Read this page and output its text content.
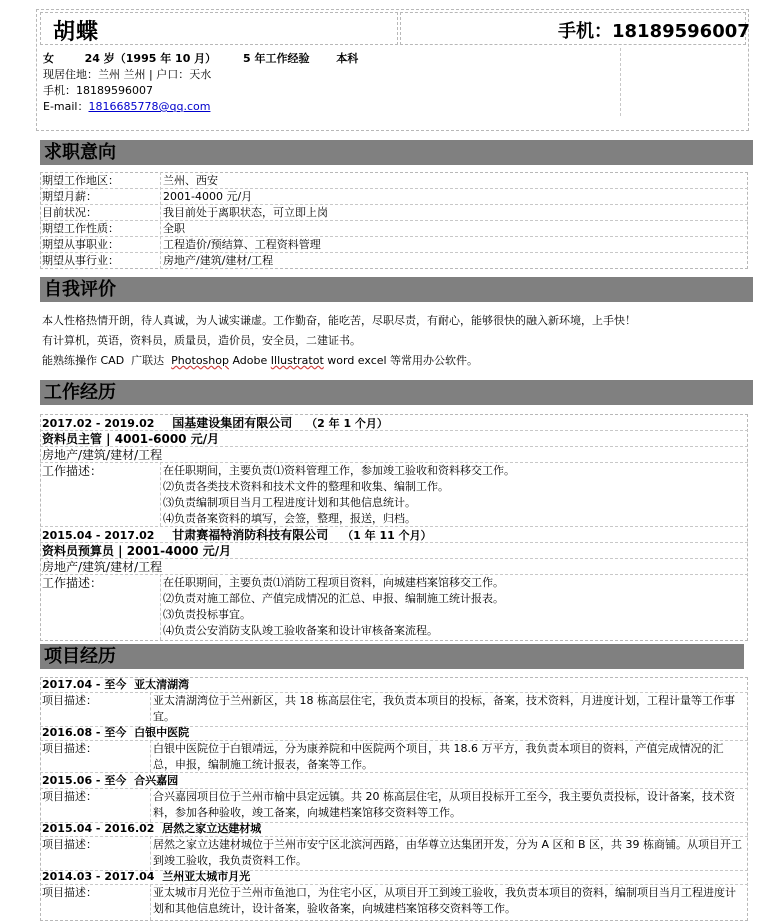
胡蝶	手机：18189596007
女        24 岁（1995 年 10 月）       5 年工作经验       本科
现居住地：兰州 兰州 | 户口：天水
手机：18189596007
E-mail：1816685778@qq.com
求职意向
期望工作地区：	兰州、西安
期望月薪：	2001-4000 元/月
目前状况：	我目前处于离职状态，可立即上岗
期望工作性质：	全职
期望从事职业：	工程造价/预结算、工程资料管理
期望从事行业：	房地产/建筑/建材/工程
自我评价
本人性格热情开朗，待人真诚，为人诚实谦虚。工作勤奋，能吃苦，尽职尽责，有耐心，能够很快的融入新环境，上手快！
有计算机，英语，资料员，质量员，造价员，安全员，二建证书。
能熟练操作 CAD  广联达  Photoshop Adobe Illustratot word excel 等常用办公软件。
工作经历
2017.02 - 2019.02 国基建设集团有限公司 （2 年 1 个月）
资料员主管 | 4001-6000 元/月
房地产/建筑/建材/工程
工作描述：	在任职期间，主要负责⑴资料管理工作，参加竣工验收和资料移交工作。
⑵负责各类技术资料和技术文件的整理和收集、编制工作。
⑶负责编制项目当月工程进度计划和其他信息统计。
⑷负责备案资料的填写，会签，整理，报送，归档。
2015.04 - 2017.02 甘肃赛福特消防科技有限公司 （1 年 11 个月）
资料员预算员 | 2001-4000 元/月
房地产/建筑/建材/工程
工作描述：	在任职期间，主要负责⑴消防工程项目资料，向城建档案馆移交工作。
⑵负责对施工部位、产值完成情况的汇总、申报、编制施工统计报表。
⑶负责投标事宜。
⑷负责公安消防支队竣工验收备案和设计审核备案流程。
项目经历
2017.04 - 至今 亚太清湖湾
项目描述：	亚太清湖湾位于兰州新区，共 18 栋高层住宅，我负责本项目的投标，备案，技术资料，月进度计划，工程计量等工作事宜。
2016.08 - 至今 白银中医院
项目描述：	白银中医院位于白银靖远，分为康养院和中医院两个项目，共 18.6 万平方，我负责本项目的资料，产值完成情况的汇总，申报，编制施工统计报表，备案等工作。
2015.06 - 至今 合兴嘉园
项目描述：	合兴嘉园项目位于兰州市榆中县定远镇。共 20 栋高层住宅，从项目投标开工至今，我主要负责投标，设计备案，技术资料，参加各种验收，竣工备案，向城建档案馆移交资料等工作。
2015.04 - 2016.02 居然之家立达建材城
项目描述：	居然之家立达建材城位于兰州市安宁区北滨河西路，由华尊立达集团开发，分为 A 区和 B 区，共 39 栋商铺。从项目开工到竣工验收，我负责资料工作。
2014.03 - 2017.04 兰州亚太城市月光
项目描述：	亚太城市月光位于兰州市鱼池口，为住宅小区，从项目开工到竣工验收，我负责本项目的资料，编制项目当月工程进度计划和其他信息统计，设计备案，验收备案，向城建档案馆移交资料等工作。
